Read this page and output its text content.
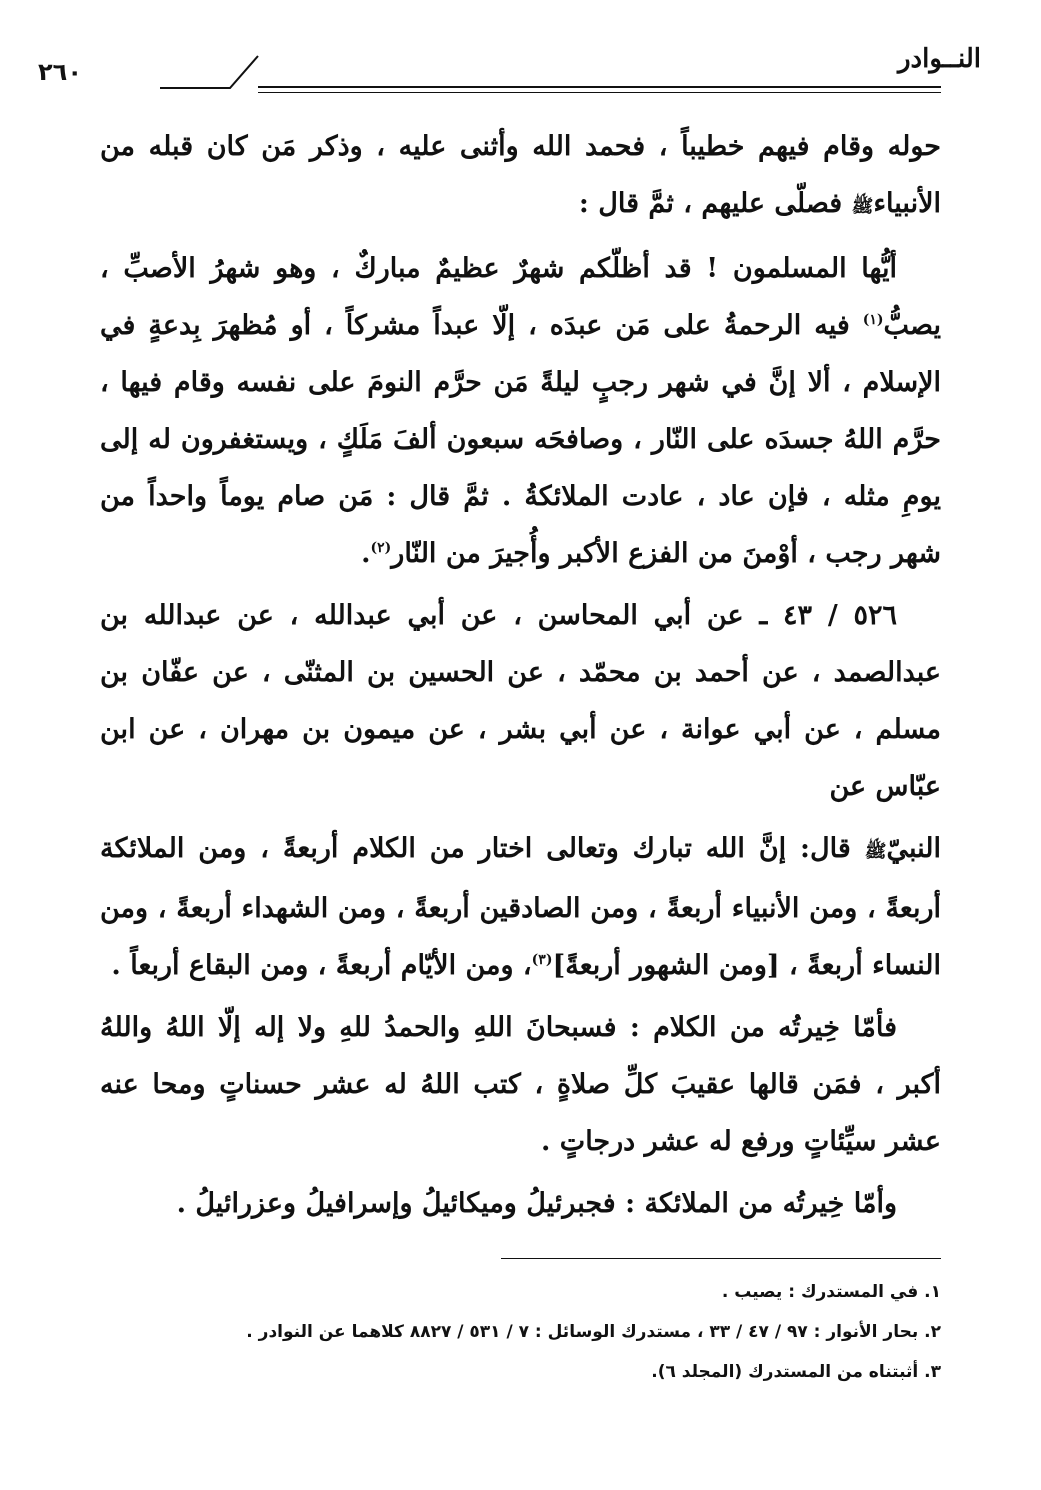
النــوادر
٢٦٠

حوله وقام فيهم خطيباً ، فحمد الله وأثنى عليه ، وذكر مَن كان قبله من الأنبياءﷺ فصلّى عليهم ، ثمَّ قال :

أيُّها المسلمون ! قد أظلّكم شهرٌ عظيمٌ مباركٌ ، وهو شهرُ الأصبِّ ، يصبُّ$^{(١)}$ فيه الرحمةُ على مَن عبدَه ، إلّا عبداً مشركاً ، أو مُظهرَ بِدعةٍ في الإسلام ، ألا إنَّ في شهر رجبٍ ليلةً مَن حرَّم النومَ على نفسه وقام فيها ، حرَّم اللهُ جسدَه على النّار ، وصافحَه سبعون ألفَ مَلَكٍ ، ويستغفرون له إلى يومِ مثله ، فإن عاد ، عادت الملائكةُ . ثمَّ قال : مَن صام يوماً واحداً من شهر رجب ، أوْمنَ من الفزع الأكبر وأُجيرَ من النّار$^{(٢)}$.

٥٢٦ / ٤٣ ـ عن أبي المحاسن ، عن أبي عبدالله ، عن عبدالله بن عبدالصمد ، عن أحمد بن محمّد ، عن الحسين بن المثنّى ، عن عفّان بن مسلم ، عن أبي عوانة ، عن أبي بشر ، عن ميمون بن مهران ، عن ابن عبّاس عن

النبيّﷺ قال: إنَّ الله تبارك وتعالى اختار من الكلام أربعةً ، ومن الملائكة أربعةً ، ومن الأنبياء أربعةً ، ومن الصادقين أربعةً ، ومن الشهداء أربعةً ، ومن النساء أربعةً ، [ومن الشهور أربعةً]$^{(٣)}$، ومن الأيّام أربعةً ، ومن البقاع أربعاً .

فأمّا خِيرتُه من الكلام : فسبحانَ اللهِ والحمدُ للهِ ولا إله إلّا اللهُ واللهُ أكبر ، فمَن قالها عقيبَ كلِّ صلاةٍ ، كتب اللهُ له عشر حسناتٍ ومحا عنه عشر سيِّئاتٍ ورفع له عشر درجاتٍ .

وأمّا خِيرتُه من الملائكة : فجبرئيلُ وميكائيلُ وإسرافيلُ وعزرائيلُ .

١. في المستدرك : يصيب .
٢. بحار الأنوار : ٩٧ / ٤٧ / ٣٣ ، مستدرك الوسائل : ٧ / ٥٣١ / ٨٨٢٧ كلاهما عن النوادر .
٣. أثبتناه من المستدرك (المجلد ٦).
